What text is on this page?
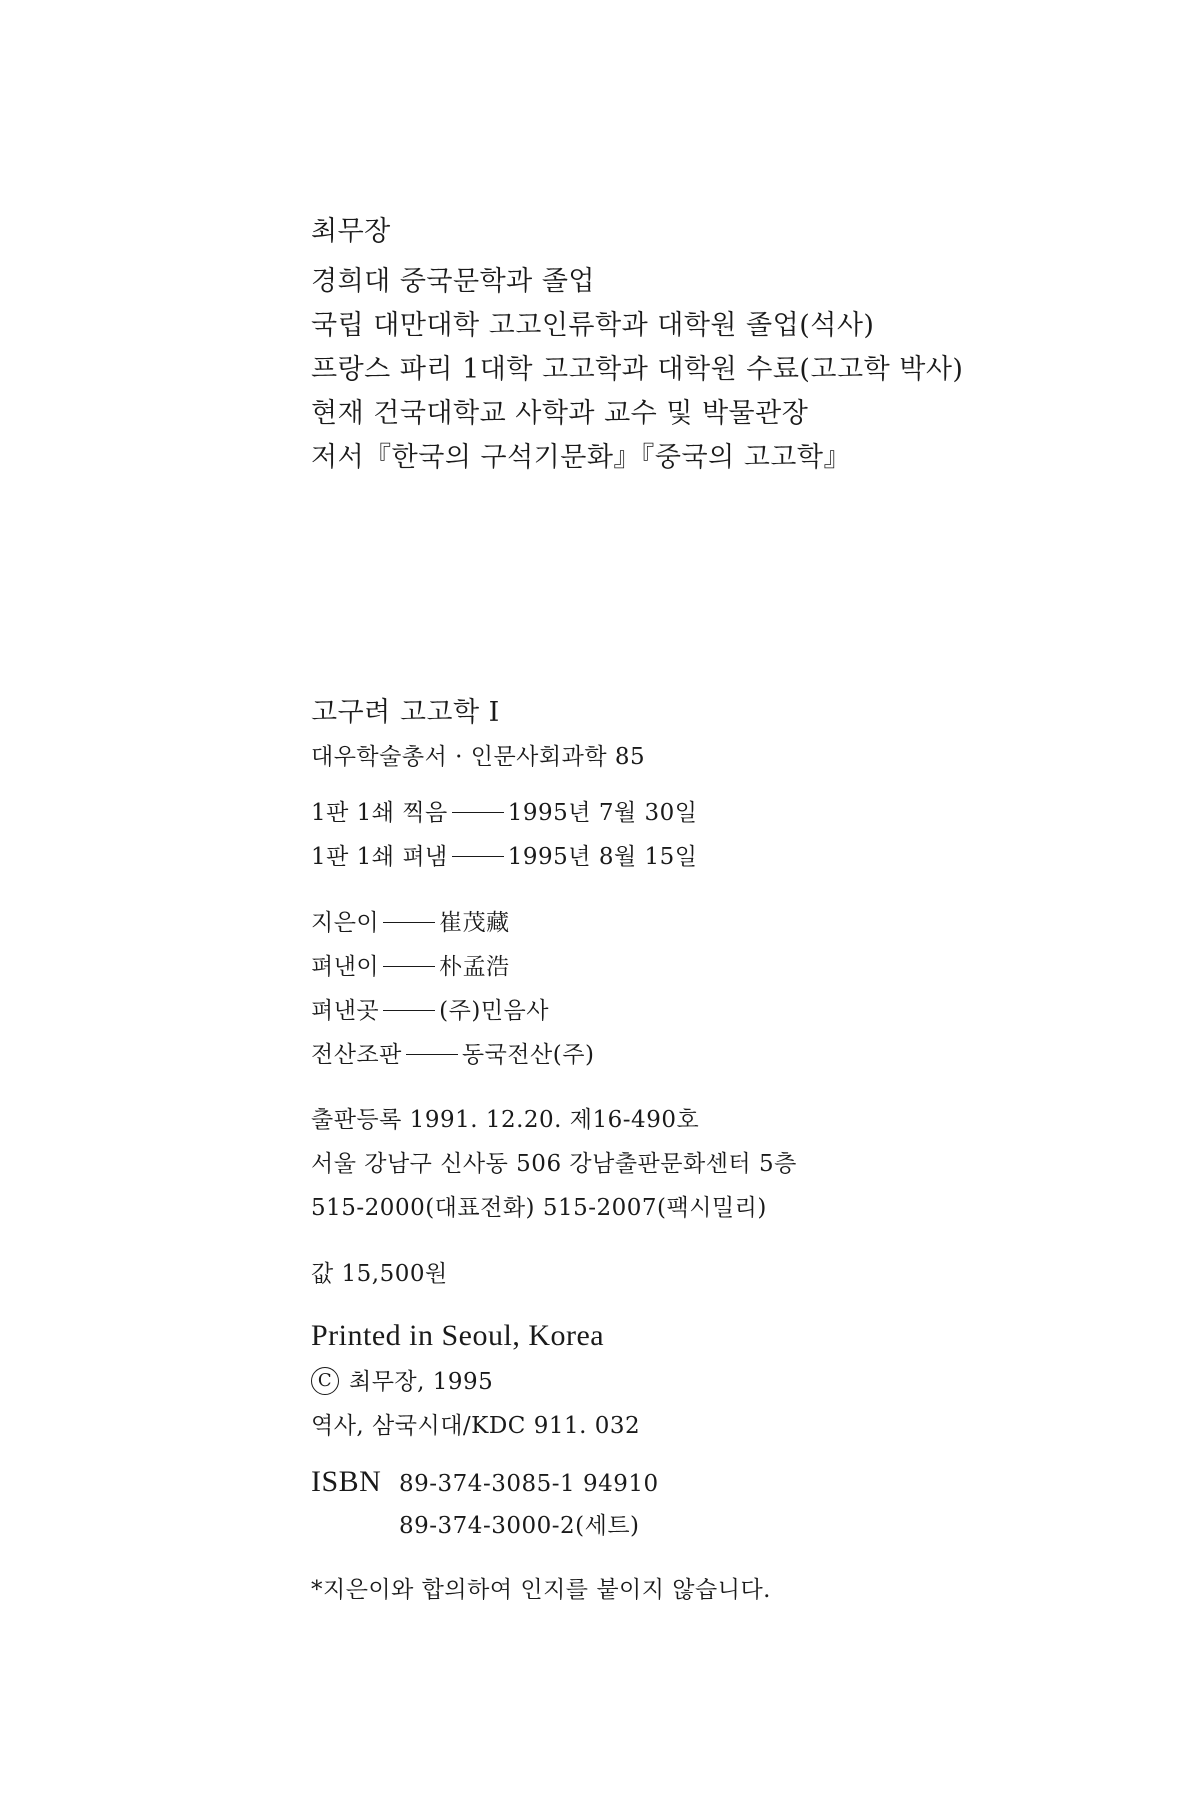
최무장
경희대 중국문학과 졸업
국립 대만대학 고고인류학과 대학원 졸업(석사)
프랑스 파리 1대학 고고학과 대학원 수료(고고학 박사)
현재 건국대학교 사학과 교수 및 박물관장
저서『한국의 구석기문화』『중국의 고고학』
고구려 고고학 Ⅰ
대우학술총서 · 인문사회과학 85
1판 1쇄 찍음	1995년 7월 30일
1판 1쇄 펴냄	1995년 8월 15일
지은이	崔茂藏
펴낸이	朴孟浩
펴낸곳	(주)민음사
전산조판	동국전산(주)
출판등록 1991. 12.20. 제16-490호
서울 강남구 신사동 506 강남출판문화센터 5층
515-2000(대표전화) 515-2007(팩시밀리)
값 15,500원
Printed in Seoul, Korea
C 최무장, 1995
역사, 삼국시대/KDC 911. 032
ISBN 89-374-3085-1 94910
89-374-3000-2(세트)
*지은이와 합의하여 인지를 붙이지 않습니다.
